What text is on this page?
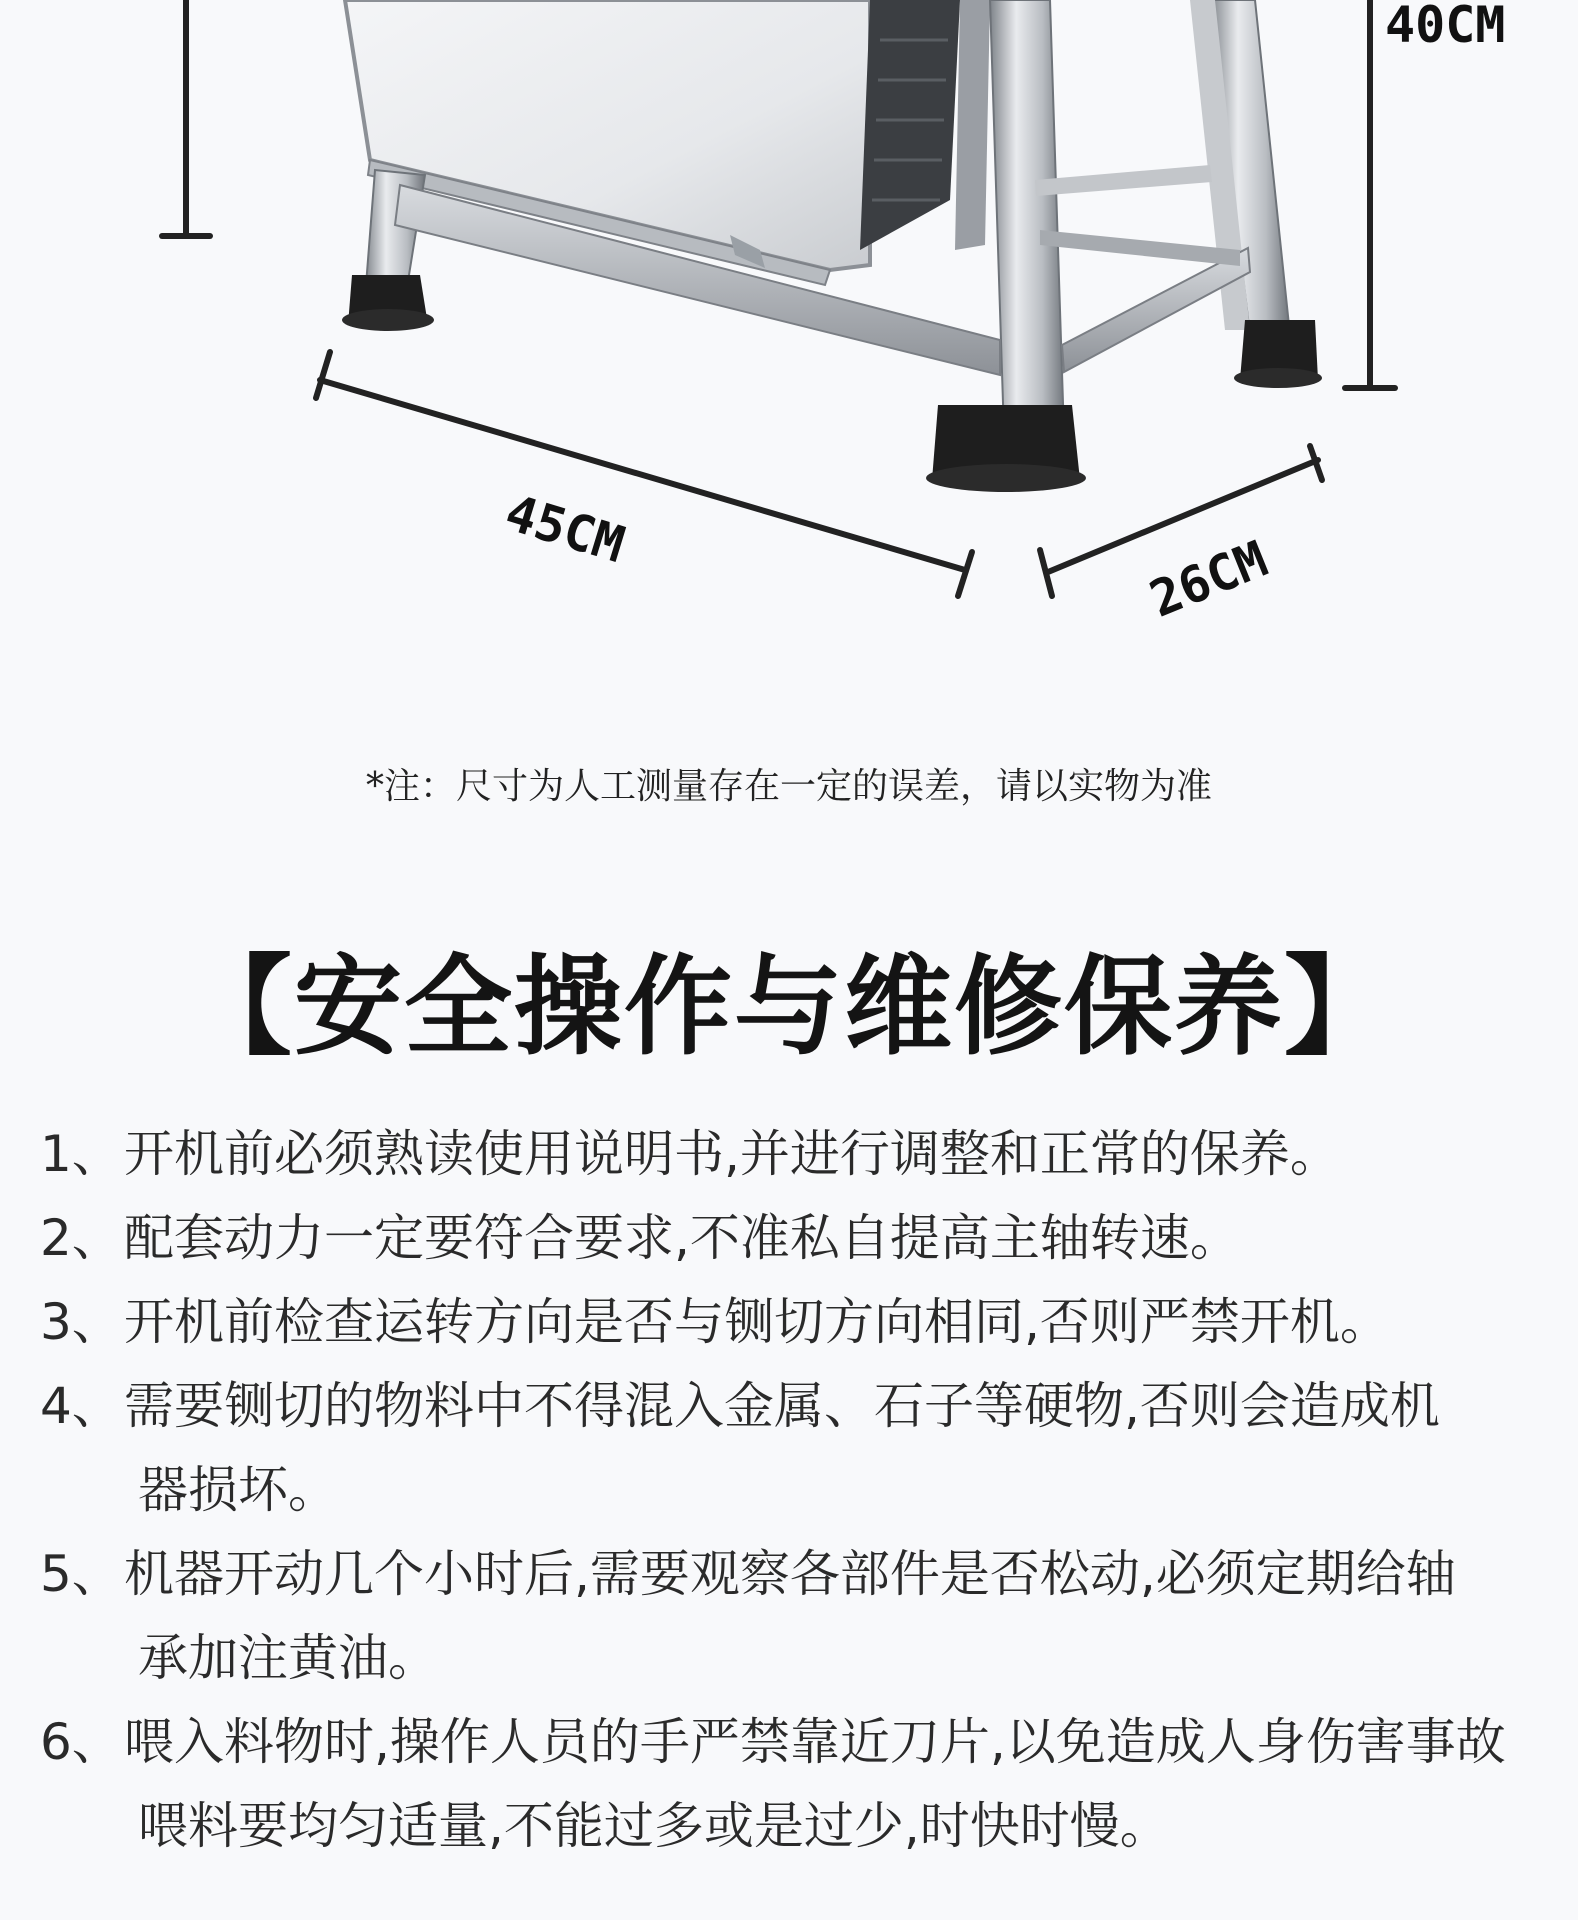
40CM
45CM
26CM
*注：尺寸为人工测量存在一定的误差，请以实物为准
【安全操作与维修保养】
1、 开机前必须熟读使用说明书,并进行调整和正常的保养。
2、 配套动力一定要符合要求,不准私自提高主轴转速。
3、 开机前检查运转方向是否与铡切方向相同,否则严禁开机。
4、 需要铡切的物料中不得混入金属、石子等硬物,否则会造成机
器损坏。
5、 机器开动几个小时后,需要观察各部件是否松动,必须定期给轴
承加注黄油。
6、 喂入料物时,操作人员的手严禁靠近刀片,以免造成人身伤害事故
喂料要均匀适量,不能过多或是过少,时快时慢。
